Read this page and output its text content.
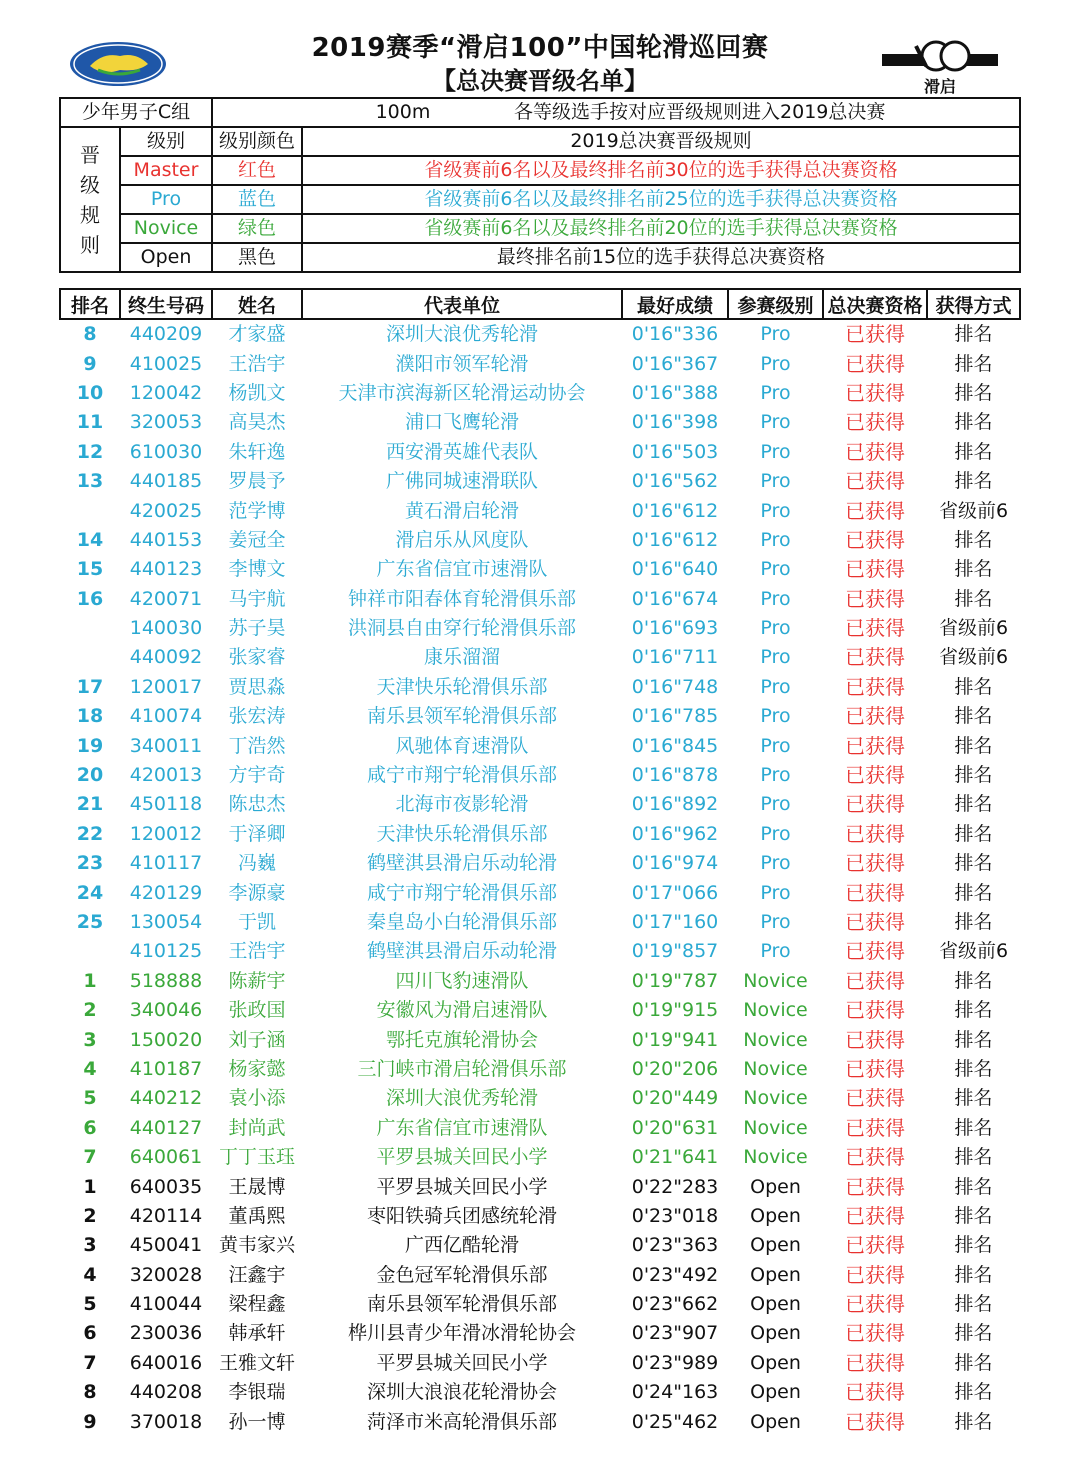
2019赛季“滑启100”中国轮滑巡回赛
【总决赛晋级名单】	滑启
少年男子C组		100m 各等级选手按对应晋级规则进入2019总决赛	
晋
级
规
则	级别	级别颜色	2019总决赛晋级规则
	Master	红色	省级赛前6名以及最终排名前30位的选手获得总决赛资格
	Pro	蓝色	省级赛前6名以及最终排名前25位的选手获得总决赛资格
	Novice	绿色	省级赛前6名以及最终排名前20位的选手获得总决赛资格
	Open	黑色	最终排名前15位的选手获得总决赛资格
排名	终生号码	姓名	代表单位	最好成绩	参赛级别	总决赛资格	获得方式
8	440209	才家盛	深圳大浪优秀轮滑	0'16"336	Pro	已获得	排名
9	410025	王浩宇	濮阳市领军轮滑	0'16"367	Pro	已获得	排名
10	120042	杨凯文	天津市滨海新区轮滑运动协会	0'16"388	Pro	已获得	排名
11	320053	高昊杰	浦口飞鹰轮滑	0'16"398	Pro	已获得	排名
12	610030	朱轩逸	西安滑英雄代表队	0'16"503	Pro	已获得	排名
13	440185	罗晨予	广佛同城速滑联队	0'16"562	Pro	已获得	排名
	420025	范学博	黄石滑启轮滑	0'16"612	Pro	已获得	省级前6
14	440153	姜冠全	滑启乐从风度队	0'16"612	Pro	已获得	排名
15	440123	李博文	广东省信宜市速滑队	0'16"640	Pro	已获得	排名
16	420071	马宇航	钟祥市阳春体育轮滑俱乐部	0'16"674	Pro	已获得	排名
	140030	苏子昊	洪洞县自由穿行轮滑俱乐部	0'16"693	Pro	已获得	省级前6
	440092	张家睿	康乐溜溜	0'16"711	Pro	已获得	省级前6
17	120017	贾思淼	天津快乐轮滑俱乐部	0'16"748	Pro	已获得	排名
18	410074	张宏涛	南乐县领军轮滑俱乐部	0'16"785	Pro	已获得	排名
19	340011	丁浩然	风驰体育速滑队	0'16"845	Pro	已获得	排名
20	420013	方宇奇	咸宁市翔宁轮滑俱乐部	0'16"878	Pro	已获得	排名
21	450118	陈忠杰	北海市夜影轮滑	0'16"892	Pro	已获得	排名
22	120012	于泽卿	天津快乐轮滑俱乐部	0'16"962	Pro	已获得	排名
23	410117	冯巍	鹤壁淇县滑启乐动轮滑	0'16"974	Pro	已获得	排名
24	420129	李源豪	咸宁市翔宁轮滑俱乐部	0'17"066	Pro	已获得	排名
25	130054	于凯	秦皇岛小白轮滑俱乐部	0'17"160	Pro	已获得	排名
	410125	王浩宇	鹤壁淇县滑启乐动轮滑	0'19"857	Pro	已获得	省级前6
1	518888	陈薪宇	四川飞豹速滑队	0'19"787	Novice	已获得	排名
2	340046	张政国	安徽风为滑启速滑队	0'19"915	Novice	已获得	排名
3	150020	刘子涵	鄂托克旗轮滑协会	0'19"941	Novice	已获得	排名
4	410187	杨家懿	三门峡市滑启轮滑俱乐部	0'20"206	Novice	已获得	排名
5	440212	袁小添	深圳大浪优秀轮滑	0'20"449	Novice	已获得	排名
6	440127	封尚武	广东省信宜市速滑队	0'20"631	Novice	已获得	排名
7	640061	丁丁玉珏	平罗县城关回民小学	0'21"641	Novice	已获得	排名
1	640035	王晟博	平罗县城关回民小学	0'22"283	Open	已获得	排名
2	420114	董禹熙	枣阳铁骑兵团感统轮滑	0'23"018	Open	已获得	排名
3	450041	黄韦家兴	广西亿酷轮滑	0'23"363	Open	已获得	排名
4	320028	汪鑫宇	金色冠军轮滑俱乐部	0'23"492	Open	已获得	排名
5	410044	梁程鑫	南乐县领军轮滑俱乐部	0'23"662	Open	已获得	排名
6	230036	韩承轩	桦川县青少年滑冰滑轮协会	0'23"907	Open	已获得	排名
7	640016	王雅文轩	平罗县城关回民小学	0'23"989	Open	已获得	排名
8	440208	李银瑞	深圳大浪浪花轮滑协会	0'24"163	Open	已获得	排名
9	370018	孙一博	菏泽市米高轮滑俱乐部	0'25"462	Open	已获得	排名
